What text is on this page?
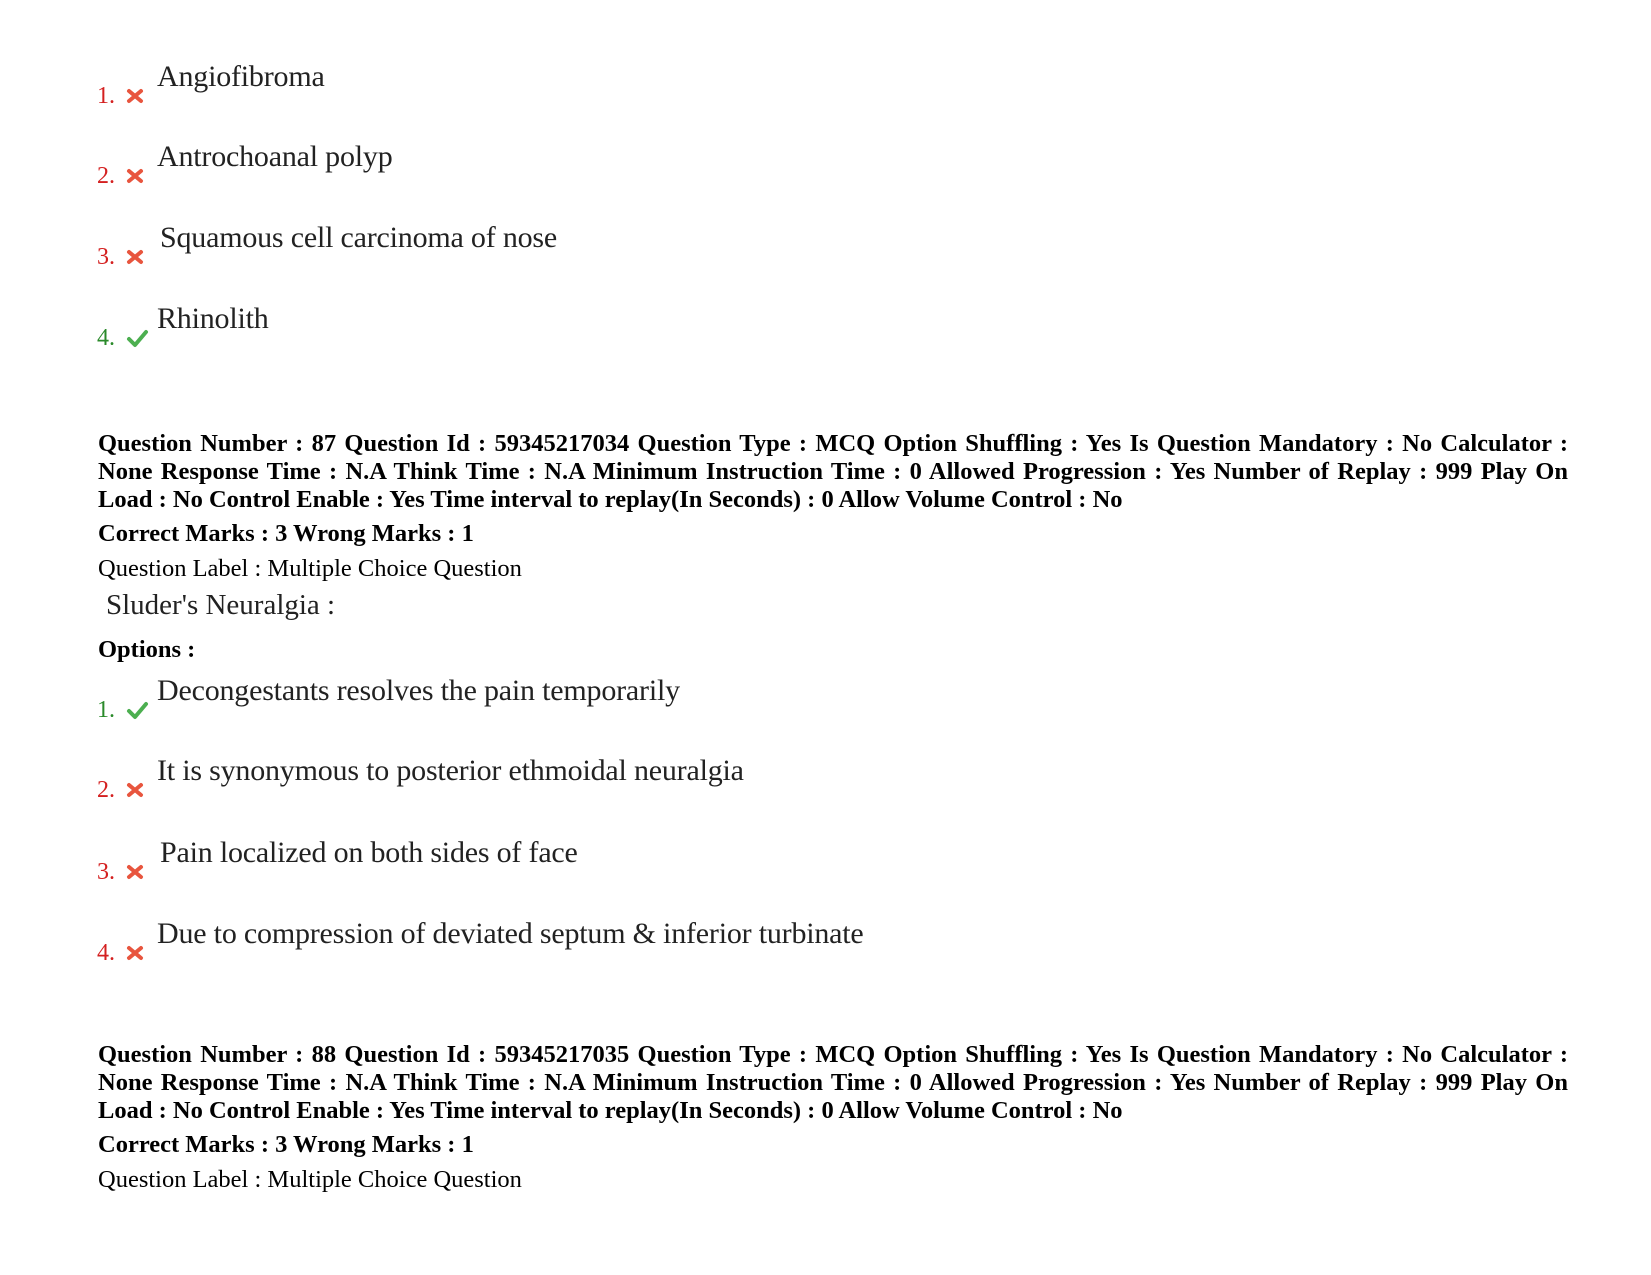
1.
Angiofibroma
2.
Antrochoanal polyp
3.
Squamous cell carcinoma of nose
4.
Rhinolith
Question Number : 87 Question Id : 59345217034 Question Type : MCQ Option Shuffling : Yes Is Question Mandatory : No Calculator : None Response Time : N.A Think Time : N.A Minimum Instruction Time : 0 Allowed Progression : Yes Number of Replay : 999 Play On Load : No Control Enable : Yes Time interval to replay(In Seconds) : 0 Allow Volume Control : No
Correct Marks : 3 Wrong Marks : 1
Question Label : Multiple Choice Question
Sluder's Neuralgia :
Options :
1.
Decongestants resolves the pain temporarily
2.
It is synonymous to posterior ethmoidal neuralgia
3.
Pain localized on both sides of face
4.
Due to compression of deviated septum & inferior turbinate
Question Number : 88 Question Id : 59345217035 Question Type : MCQ Option Shuffling : Yes Is Question Mandatory : No Calculator : None Response Time : N.A Think Time : N.A Minimum Instruction Time : 0 Allowed Progression : Yes Number of Replay : 999 Play On Load : No Control Enable : Yes Time interval to replay(In Seconds) : 0 Allow Volume Control : No
Correct Marks : 3 Wrong Marks : 1
Question Label : Multiple Choice Question
